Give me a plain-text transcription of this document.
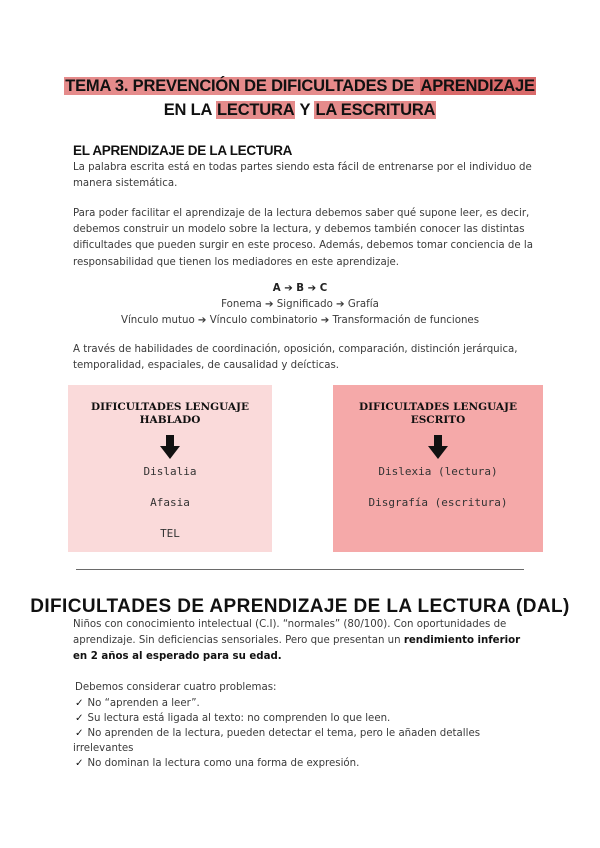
TEMA 3. PREVENCIÓN DE DIFICULTADES DE APRENDIZAJE
EN LA LECTURA Y LA ESCRITURA
EL APRENDIZAJE DE LA LECTURA
La palabra escrita está en todas partes siendo esta fácil de entrenarse por el individuo de manera sistemática.
Para poder facilitar el aprendizaje de la lectura debemos saber qué supone leer, es decir, debemos construir un modelo sobre la lectura, y debemos también conocer las distintas dificultades que pueden surgir en este proceso. Además, debemos tomar conciencia de la responsabilidad que tienen los mediadores en este aprendizaje.
A ➔ B ➔ C
Fonema ➔ Significado ➔ Grafía
Vínculo mutuo ➔ Vínculo combinatorio ➔ Transformación de funciones
A través de habilidades de coordinación, oposición, comparación, distinción jerárquica, temporalidad, espaciales, de causalidad y deícticas.
DIFICULTADES LENGUAJE HABLADO
Dislalia
Afasia
TEL
DIFICULTADES LENGUAJE ESCRITO
Dislexia (lectura)
Disgrafía (escritura)
DIFICULTADES DE APRENDIZAJE DE LA LECTURA (DAL)
Niños con conocimiento intelectual (C.I). “normales” (80/100). Con oportunidades de aprendizaje. Sin deficiencias sensoriales. Pero que presentan un rendimiento inferior en 2 años al esperado para su edad.
Debemos considerar cuatro problemas:
✓ No “aprenden a leer”.
✓ Su lectura está ligada al texto: no comprenden lo que leen.
✓ No aprenden de la lectura, pueden detectar el tema, pero le añaden detalles
irrelevantes
✓ No dominan la lectura como una forma de expresión.
